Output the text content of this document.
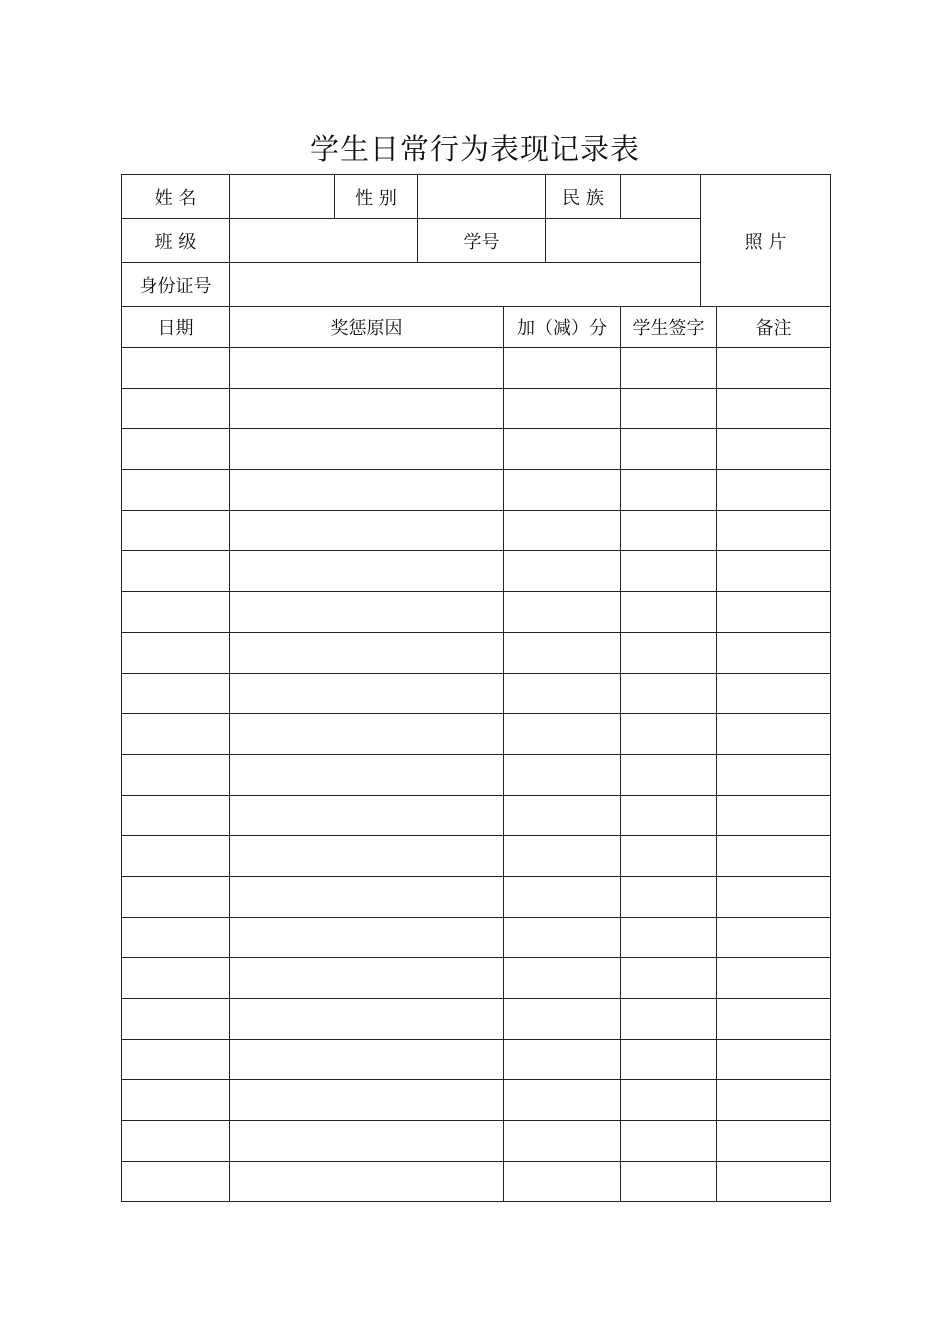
学生日常行为表现记录表
姓 名		性 别		民 族		照 片
班 级			学号			
身份证号						
日期	奖惩原因	加（减）分	学生签字	备注
